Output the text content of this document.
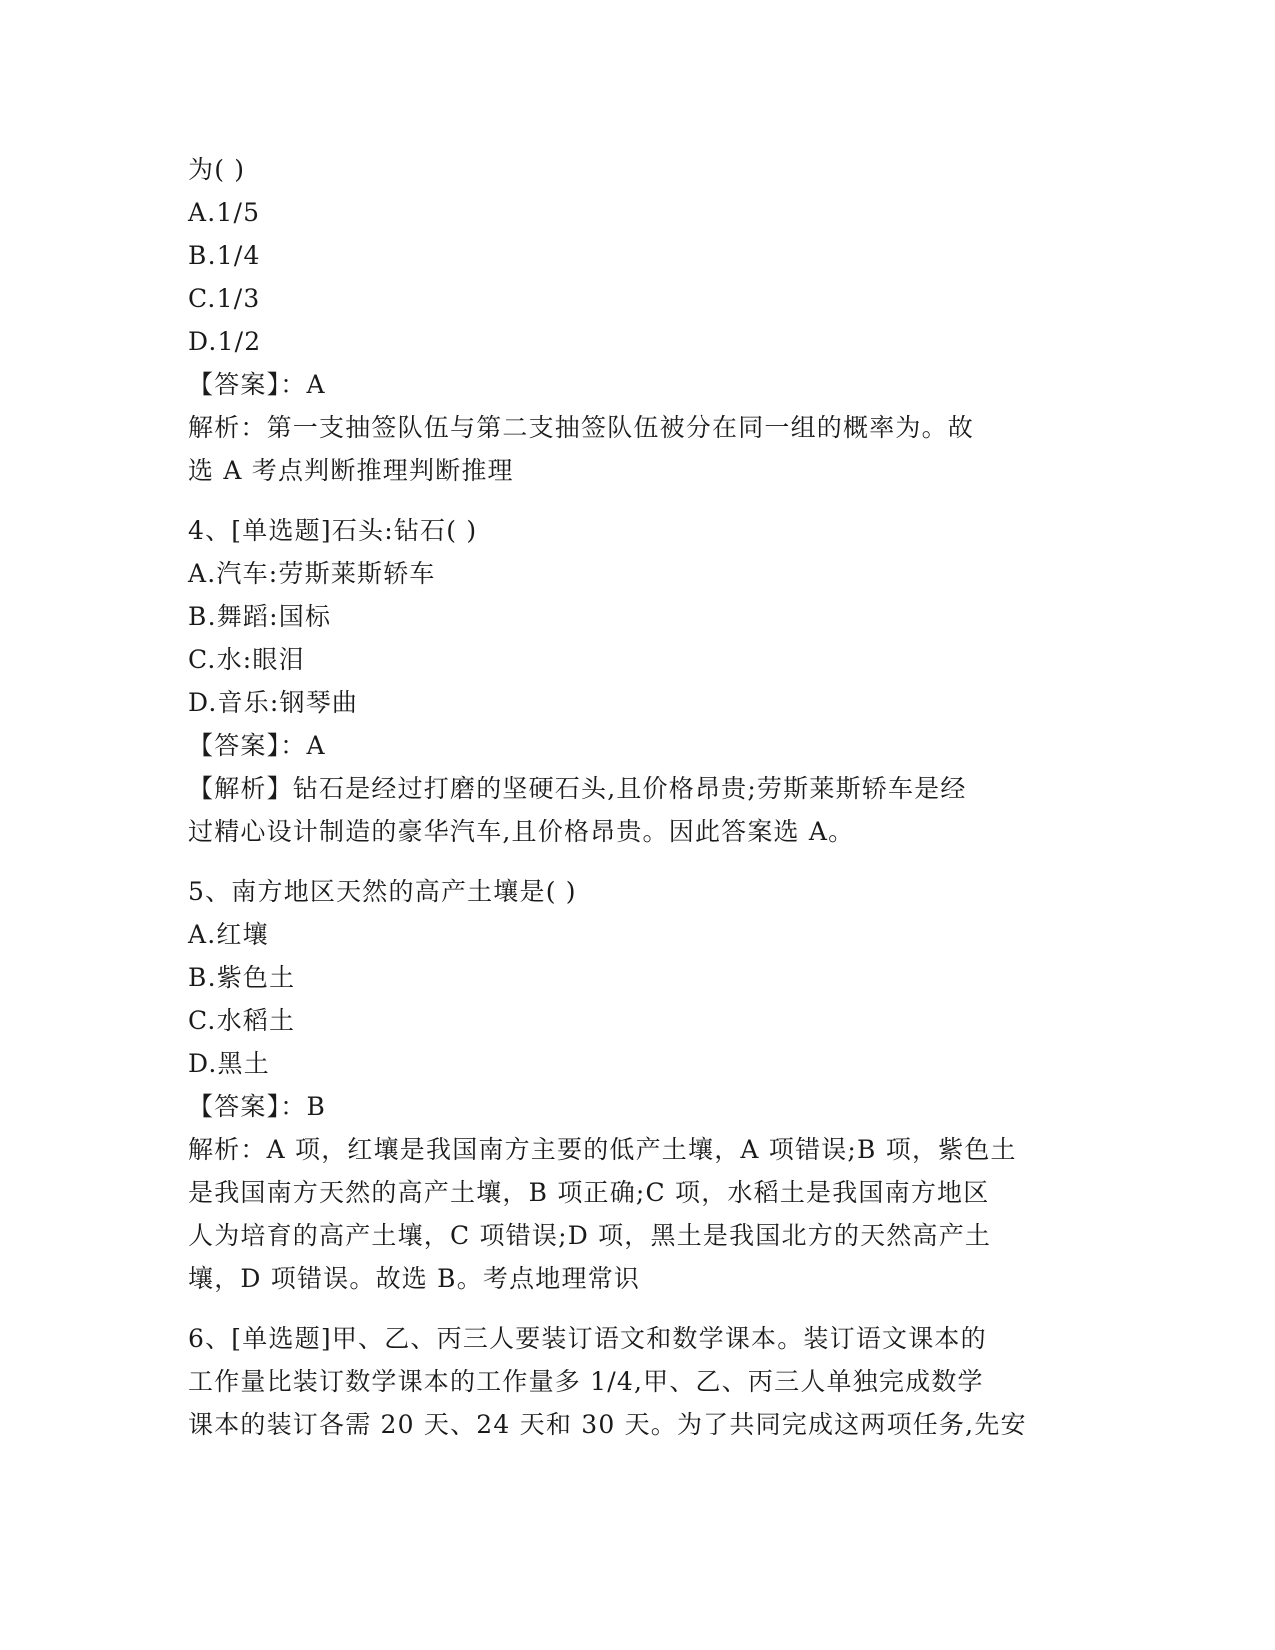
为( )
A.1/5
B.1/4
C.1/3
D.1/2
【答案】：A
解析：第一支抽签队伍与第二支抽签队伍被分在同一组的概率为。故
选 A 考点判断推理判断推理
4、[单选题]石头:钻石( )
A.汽车:劳斯莱斯轿车
B.舞蹈:国标
C.水:眼泪
D.音乐:钢琴曲
【答案】：A
【解析】钻石是经过打磨的坚硬石头,且价格昂贵;劳斯莱斯轿车是经
过精心设计制造的豪华汽车,且价格昂贵。因此答案选 A。
5、南方地区天然的高产土壤是( )
A.红壤
B.紫色土
C.水稻土
D.黑土
【答案】：B
解析：A 项，红壤是我国南方主要的低产土壤，A 项错误;B 项，紫色土
是我国南方天然的高产土壤，B 项正确;C 项，水稻土是我国南方地区
人为培育的高产土壤，C 项错误;D 项，黑土是我国北方的天然高产土
壤，D 项错误。故选 B。考点地理常识
6、[单选题]甲、乙、丙三人要装订语文和数学课本。装订语文课本的
工作量比装订数学课本的工作量多 1/4,甲、乙、丙三人单独完成数学
课本的装订各需 20 天、24 天和 30 天。为了共同完成这两项任务,先安
